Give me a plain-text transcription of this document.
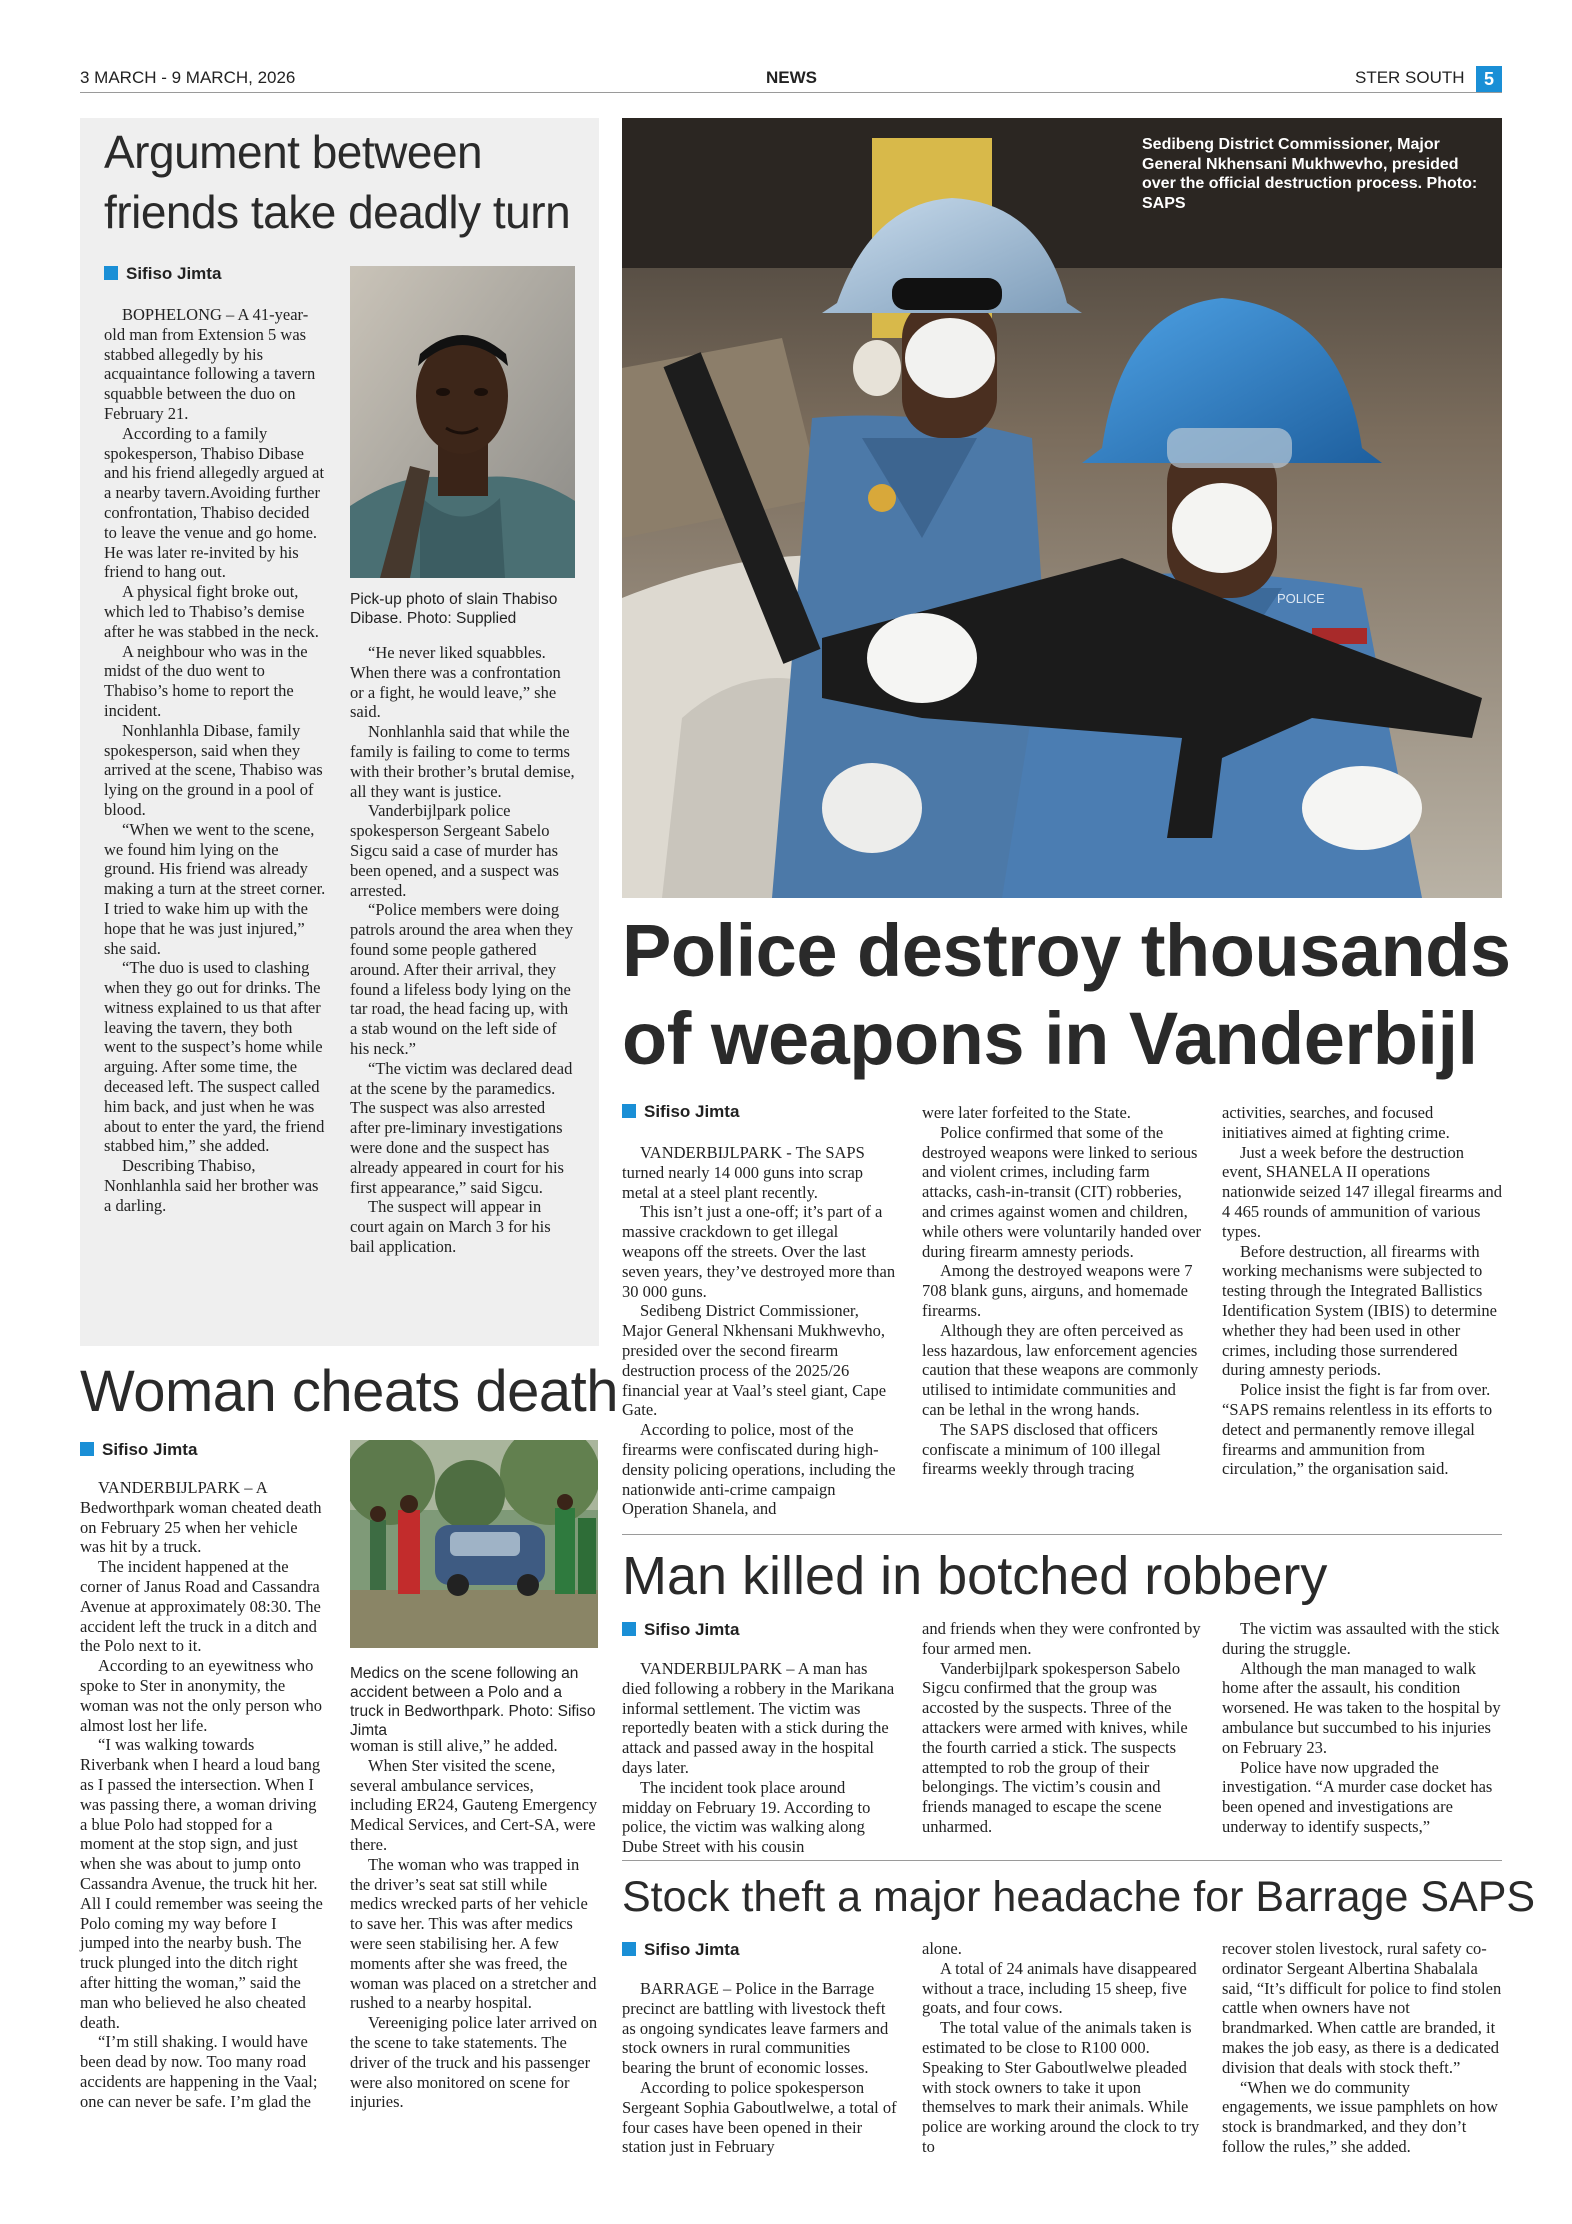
3 MARCH - 9 MARCH, 2026	NEWS	STER SOUTH	5
Argument between
friends take deadly turn
Sifiso Jimta

BOPHELONG – A 41-year-old man from Extension 5 was stabbed allegedly by his acquaintance following a tavern squabble between the duo on February 21.

According to a family spokesperson, Thabiso Dibase and his friend allegedly argued at a nearby tavern.Avoiding further confrontation, Thabiso decided to leave the venue and go home. He was later re-invited by his friend to hang out.

A physical fight broke out, which led to Thabiso’s demise after he was stabbed in the neck.

A neighbour who was in the midst of the duo went to Thabiso’s home to report the incident.

Nonhlanhla Dibase, family spokesperson, said when they arrived at the scene, Thabiso was lying on the ground in a pool of blood.

“When we went to the scene, we found him lying on the ground. His friend was already making a turn at the street corner. I tried to wake him up with the hope that he was just injured,” she said.

“The duo is used to clashing when they go out for drinks. The witness explained to us that after leaving the tavern, they both went to the suspect’s home while arguing. After some time, the deceased left. The suspect called him back, and just when he was about to enter the yard, the friend stabbed him,” she added.

Describing Thabiso, Nonhlanhla said her brother was a darling.

Pick-up photo of slain Thabiso Dibase. Photo: Supplied

“He never liked squabbles. When there was a confrontation or a fight, he would leave,” she said.

Nonhlanhla said that while the family is failing to come to terms with their brother’s brutal demise, all they want is justice.

Vanderbijlpark police spokesperson Sergeant Sabelo Sigcu said a case of murder has been opened, and a suspect was arrested.

“Police members were doing patrols around the area when they found some people gathered around. After their arrival, they found a lifeless body lying on the tar road, the head facing up, with a stab wound on the left side of his neck.”

“The victim was declared dead at the scene by the paramedics. The suspect was also arrested after pre-liminary investigations were done and the suspect has already appeared in court for his first appearance,” said Sigcu.

The suspect will appear in court again on March 3 for his bail application.

Woman cheats death
Sifiso Jimta

VANDERBIJLPARK – A Bedworthpark woman cheated death on February 25 when her vehicle was hit by a truck.

The incident happened at the corner of Janus Road and Cassandra Avenue at approximately 08:30. The accident left the truck in a ditch and the Polo next to it.

According to an eyewitness who spoke to Ster in anonymity, the woman was not the only person who almost lost her life.

“I was walking towards Riverbank when I heard a loud bang as I passed the intersection. When I was passing there, a woman driving a blue Polo had stopped for a moment at the stop sign, and just when she was about to jump onto Cassandra Avenue, the truck hit her. All I could remember was seeing the Polo coming my way before I jumped into the nearby bush. The truck plunged into the ditch right after hitting the woman,” said the man who believed he also cheated death.

“I’m still shaking. I would have been dead by now. Too many road accidents are happening in the Vaal; one can never be safe. I’m glad the

Medics on the scene following an accident between a Polo and a truck in Bedworthpark. Photo: Sifiso Jimta

woman is still alive,” he added.

When Ster visited the scene, several ambulance services, including ER24, Gauteng Emergency Medical Services, and Cert-SA, were there.

The woman who was trapped in the driver’s seat sat still while medics wrecked parts of her vehicle to save her. This was after medics were seen stabilising her. A few moments after she was freed, the woman was placed on a stretcher and rushed to a nearby hospital.

Vereeniging police later arrived on the scene to take statements. The driver of the truck and his passenger were also monitored on scene for injuries.

POLICE
Sedibeng District Commissioner, Major General Nkhensani Mukhwevho, presided over the official destruction process. Photo: SAPS
Police destroy thousands
of weapons in Vanderbijl
Sifiso Jimta

VANDERBIJLPARK - The SAPS turned nearly 14 000 guns into scrap metal at a steel plant recently.

This isn’t just a one-off; it’s part of a massive crackdown to get illegal weapons off the streets. Over the last seven years, they’ve destroyed more than 30 000 guns.

Sedibeng District Commissioner, Major General Nkhensani Mukhwevho, presided over the second firearm destruction process of the 2025/26 financial year at Vaal’s steel giant, Cape Gate.

According to police, most of the firearms were confiscated during high-density policing operations, including the nationwide anti-crime campaign Operation Shanela, and

were later forfeited to the State.

Police confirmed that some of the destroyed weapons were linked to serious and violent crimes, including farm attacks, cash-in-transit (CIT) robberies, and crimes against women and children, while others were voluntarily handed over during firearm amnesty periods.

Among the destroyed weapons were 7 708 blank guns, airguns, and homemade firearms.

Although they are often perceived as less hazardous, law enforcement agencies caution that these weapons are commonly utilised to intimidate communities and can be lethal in the wrong hands.

The SAPS disclosed that officers confiscate a minimum of 100 illegal firearms weekly through tracing

activities, searches, and focused initiatives aimed at fighting crime.

Just a week before the destruction event, SHANELA II operations nationwide seized 147 illegal firearms and 4 465 rounds of ammunition of various types.

Before destruction, all firearms with working mechanisms were subjected to testing through the Integrated Ballistics Identification System (IBIS) to determine whether they had been used in other crimes, including those surrendered during amnesty periods.

Police insist the fight is far from over. “SAPS remains relentless in its efforts to detect and permanently remove illegal firearms and ammunition from circulation,” the organisation said.

Man killed in botched robbery
Sifiso Jimta

VANDERBIJLPARK – A man has died following a robbery in the Marikana informal settlement. The victim was reportedly beaten with a stick during the attack and passed away in the hospital days later.

The incident took place around midday on February 19. According to police, the victim was walking along Dube Street with his cousin

and friends when they were confronted by four armed men.

Vanderbijlpark spokesperson Sabelo Sigcu confirmed that the group was accosted by the suspects. Three of the attackers were armed with knives, while the fourth carried a stick. The suspects attempted to rob the group of their belongings. The victim’s cousin and friends managed to escape the scene unharmed.

The victim was assaulted with the stick during the struggle.

Although the man managed to walk home after the assault, his condition worsened. He was taken to the hospital by ambulance but succumbed to his injuries on February 23.

Police have now upgraded the investigation. “A murder case docket has been opened and investigations are underway to identify suspects,”

Stock theft a major headache for Barrage SAPS
Sifiso Jimta

BARRAGE – Police in the Barrage precinct are battling with livestock theft as ongoing syndicates leave farmers and stock owners in rural communities bearing the brunt of economic losses.

According to police spokesperson Sergeant Sophia Gaboutlwelwe, a total of four cases have been opened in their station just in February

alone.

A total of 24 animals have disappeared without a trace, including 15 sheep, five goats, and four cows.

The total value of the animals taken is estimated to be close to R100 000. Speaking to Ster Gaboutlwelwe pleaded with stock owners to take it upon themselves to mark their animals. While police are working around the clock to try to

recover stolen livestock, rural safety co-ordinator Sergeant Albertina Shabalala said, “It’s difficult for police to find stolen cattle when owners have not brandmarked. When cattle are branded, it makes the job easy, as there is a dedicated division that deals with stock theft.”

“When we do community engagements, we issue pamphlets on how stock is brandmarked, and they don’t follow the rules,” she added.
